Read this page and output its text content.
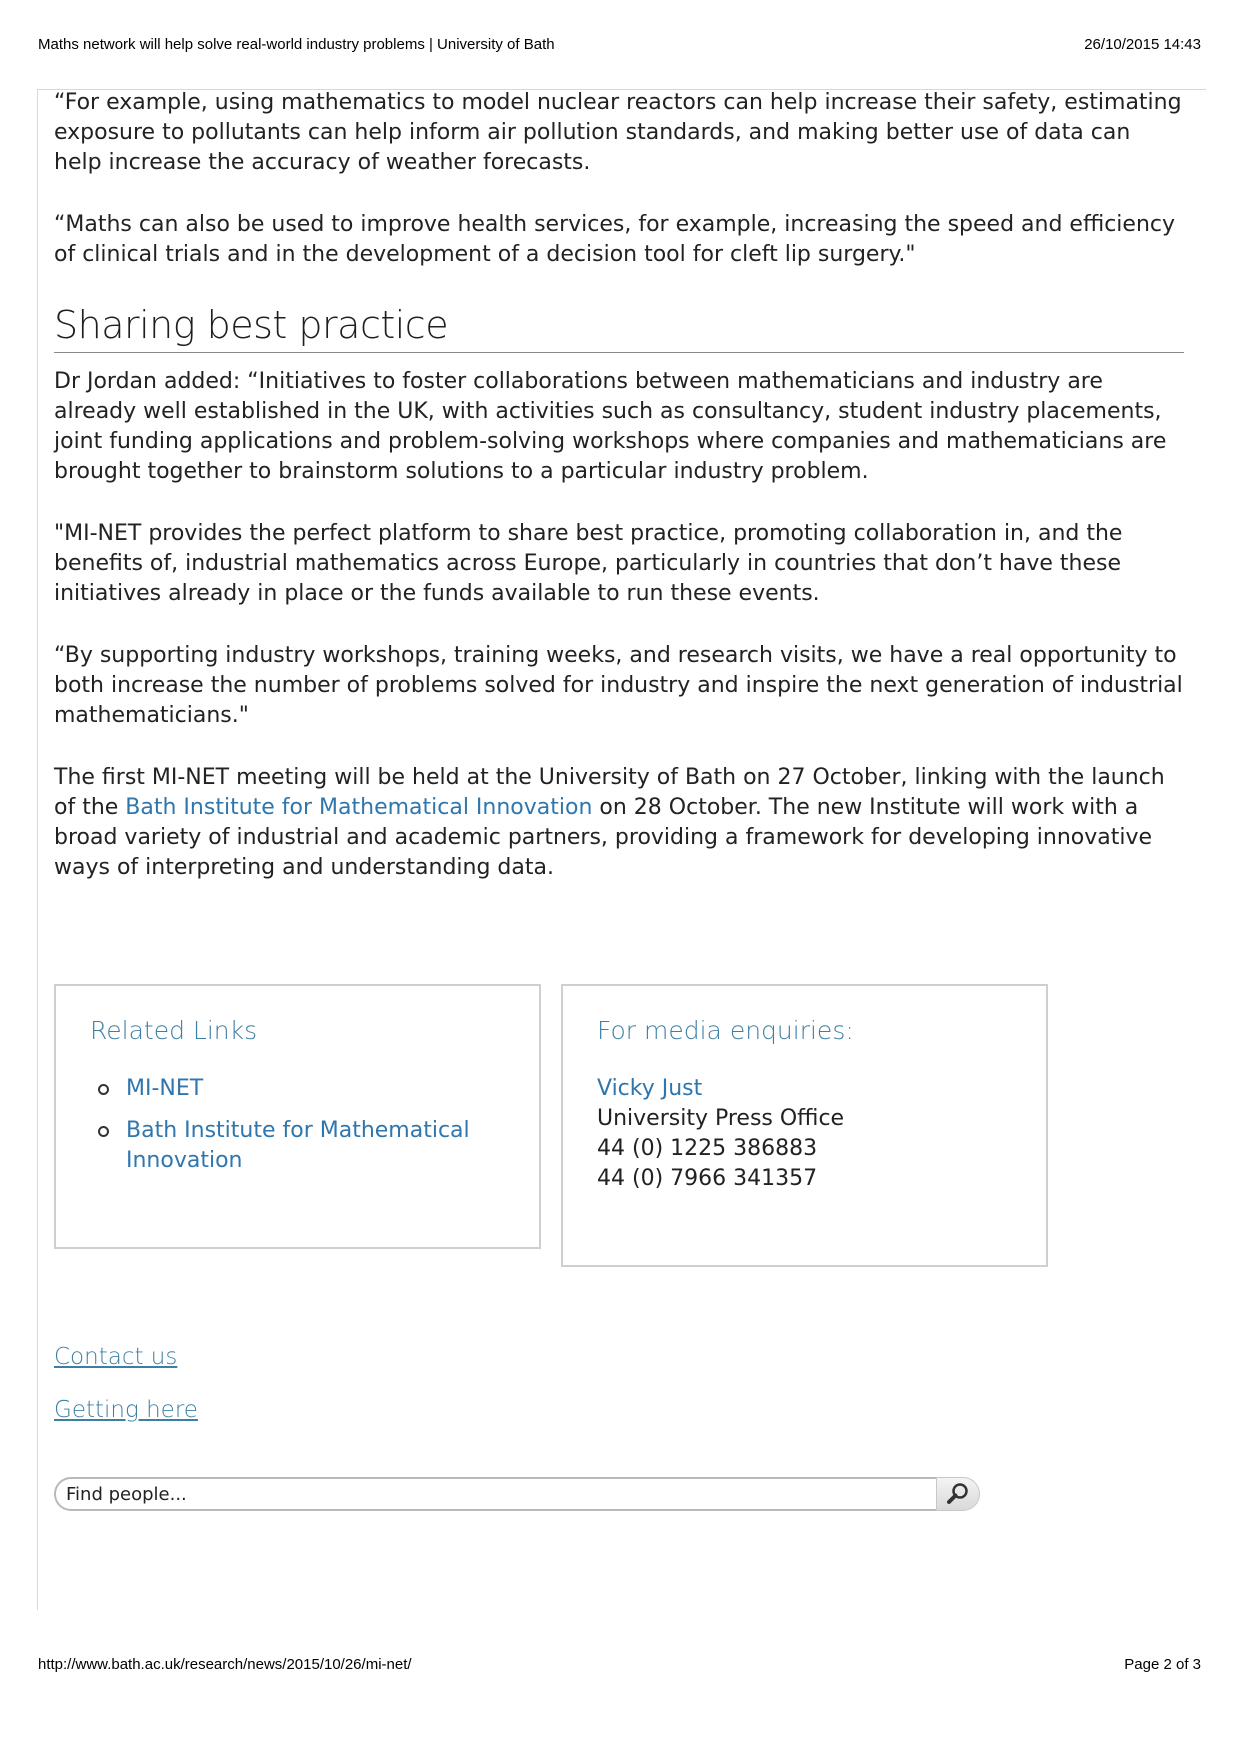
Maths network will help solve real-world industry problems | University of Bath	26/10/2015 14:43

“For example, using mathematics to model nuclear reactors can help increase their safety, estimating exposure to pollutants can help inform air pollution standards, and making better use of data can help increase the accuracy of weather forecasts.

“Maths can also be used to improve health services, for example, increasing the speed and efficiency of clinical trials and in the development of a decision tool for cleft lip surgery."

Sharing best practice

Dr Jordan added: “Initiatives to foster collaborations between mathematicians and industry are already well established in the UK, with activities such as consultancy, student industry placements, joint funding applications and problem-solving workshops where companies and mathematicians are brought together to brainstorm solutions to a particular industry problem.

"MI-NET provides the perfect platform to share best practice, promoting collaboration in, and the benefits of, industrial mathematics across Europe, particularly in countries that don’t have these initiatives already in place or the funds available to run these events.

“By supporting industry workshops, training weeks, and research visits, we have a real opportunity to both increase the number of problems solved for industry and inspire the next generation of industrial mathematicians."

The first MI-NET meeting will be held at the University of Bath on 27 October, linking with the launch of the Bath Institute for Mathematical Innovation on 28 October. The new Institute will work with a broad variety of industrial and academic partners, providing a framework for developing innovative ways of interpreting and understanding data.

Related Links
MI-NET
Bath Institute for Mathematical Innovation
For media enquiries:
Vicky Just
University Press Office
44 (0) 1225 386883
44 (0) 7966 341357
Contact us
Getting here
Find people...
http://www.bath.ac.uk/research/news/2015/10/26/mi-net/	Page 2 of 3
